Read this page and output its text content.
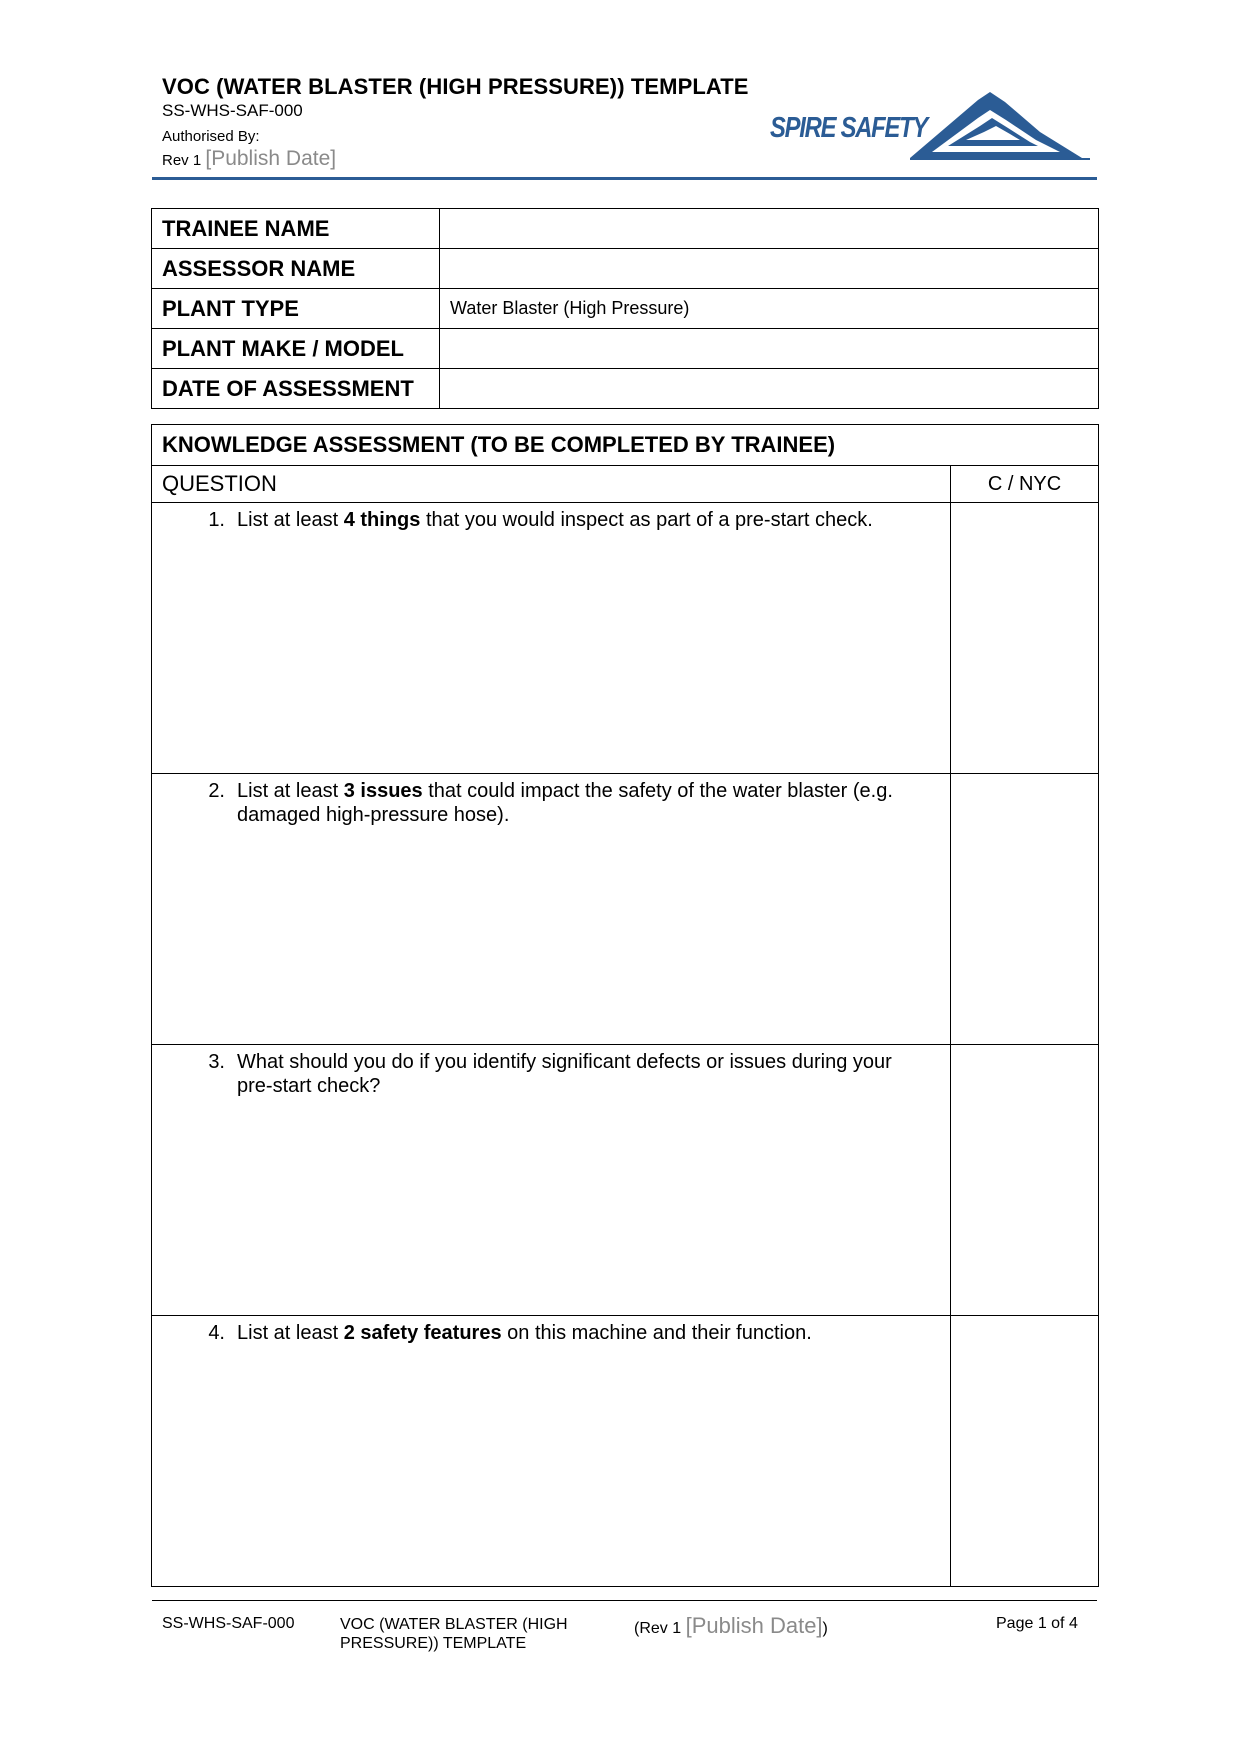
VOC (WATER BLASTER (HIGH PRESSURE)) TEMPLATE
SS-WHS-SAF-000
Authorised By:
Rev 1 [Publish Date]
SPIRE SAFETY
TRAINEE NAME	
ASSESSOR NAME	
PLANT TYPE	Water Blaster (High Pressure)
PLANT MAKE / MODEL	
DATE OF ASSESSMENT	
KNOWLEDGE ASSESSMENT (TO BE COMPLETED BY TRAINEE)	
QUESTION	C / NYC

1. List at least 4 things that you would inspect as part of a pre-start check.	

2. List at least 3 issues that could impact the safety of the water blaster (e.g. damaged high-pressure hose).	

3. What should you do if you identify significant defects or issues during your pre-start check?	

4. List at least 2 safety features on this machine and their function.	

SS-WHS-SAF-000	VOC (WATER BLASTER (HIGH PRESSURE)) TEMPLATE
(Rev 1 [Publish Date])	Page 1 of 4
